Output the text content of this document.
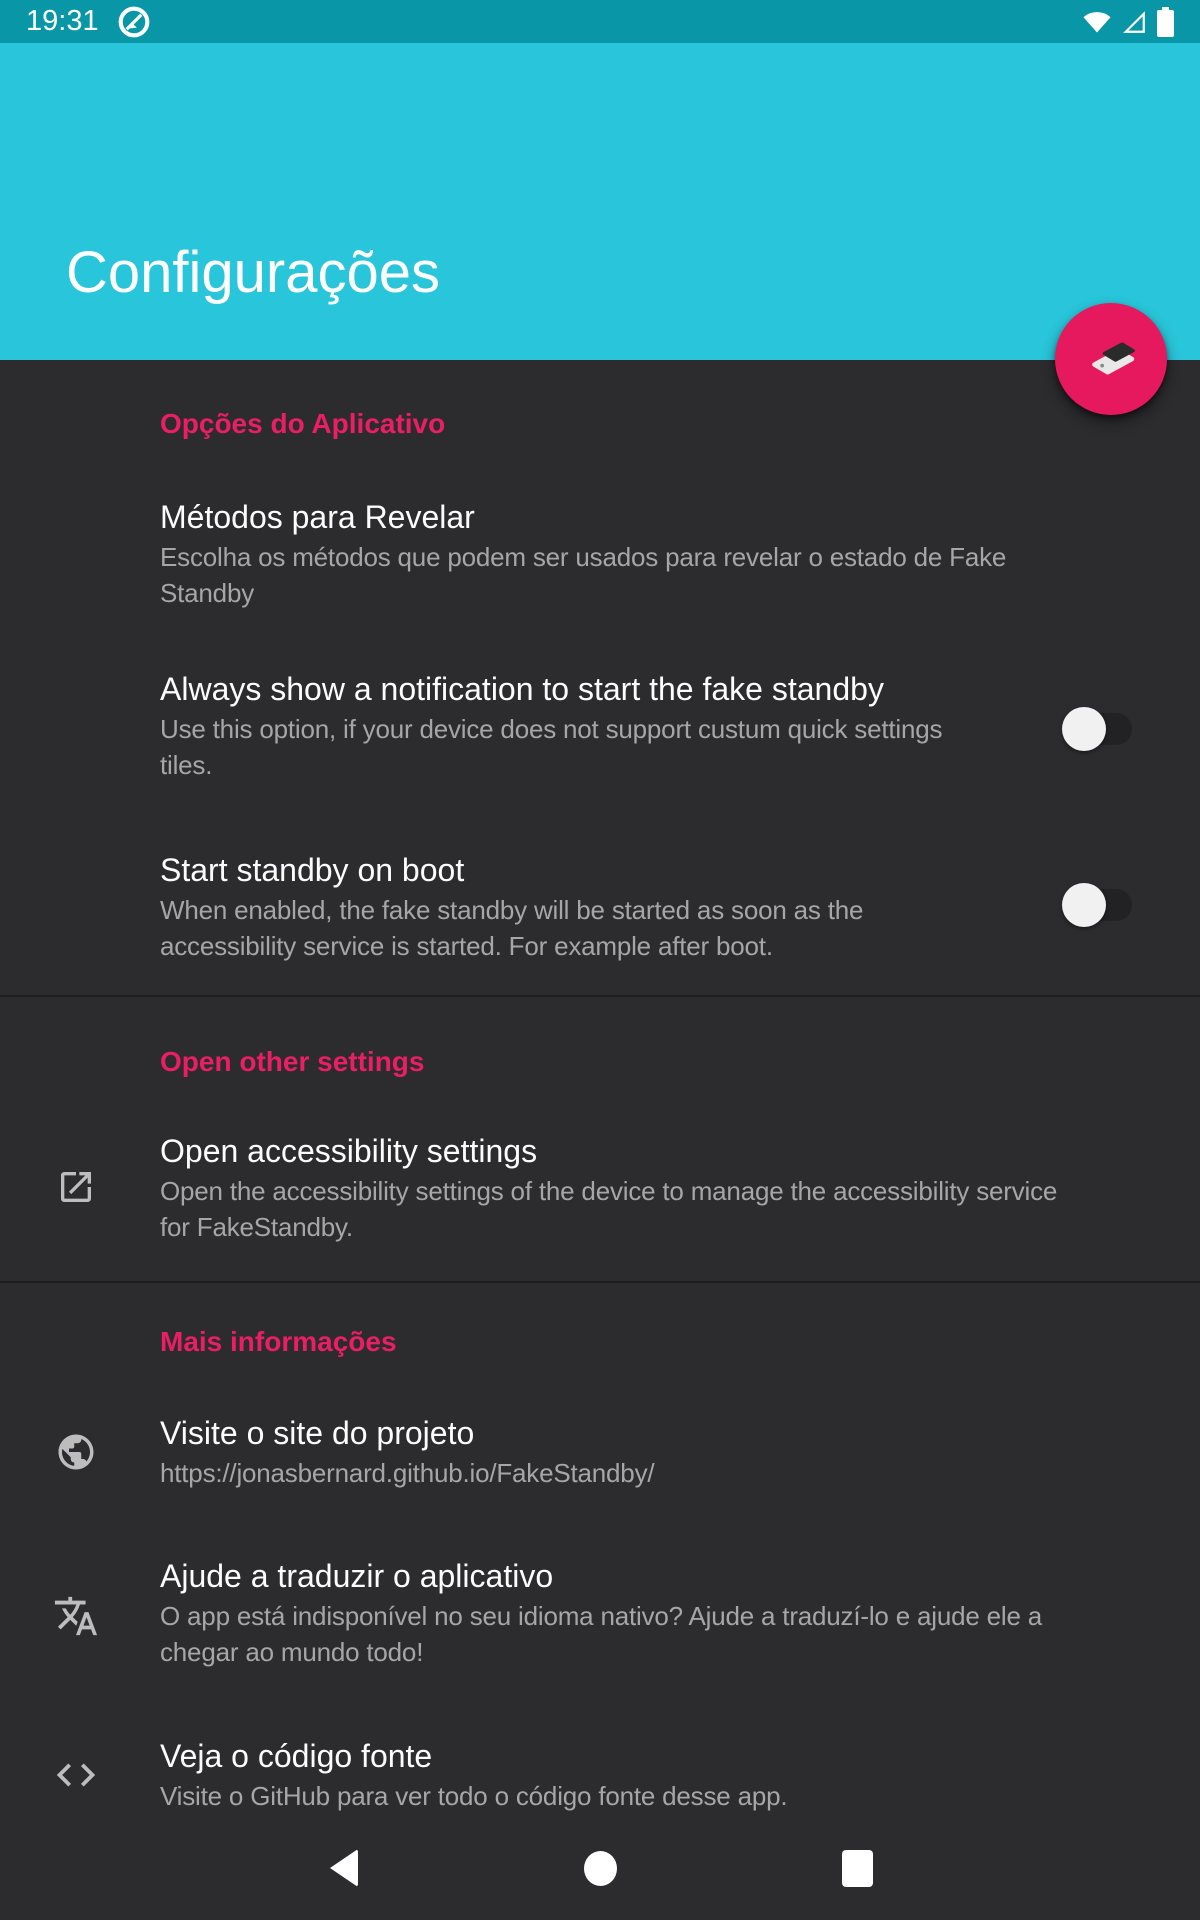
19:31
Configurações
Opções do Aplicativo
Métodos para Revelar
Escolha os métodos que podem ser usados para revelar o estado de Fake
Standby
Always show a notification to start the fake standby
Use this option, if your device does not support custum quick settings
tiles.
Start standby on boot
When enabled, the fake standby will be started as soon as the
accessibility service is started. For example after boot.
Open other settings
Open accessibility settings
Open the accessibility settings of the device to manage the accessibility service
for FakeStandby.
Mais informações
Visite o site do projeto
https://jonasbernard.github.io/FakeStandby/
Ajude a traduzir o aplicativo
O app está indisponível no seu idioma nativo? Ajude a traduzí-lo e ajude ele a
chegar ao mundo todo!
Veja o código fonte
Visite o GitHub para ver todo o código fonte desse app.
